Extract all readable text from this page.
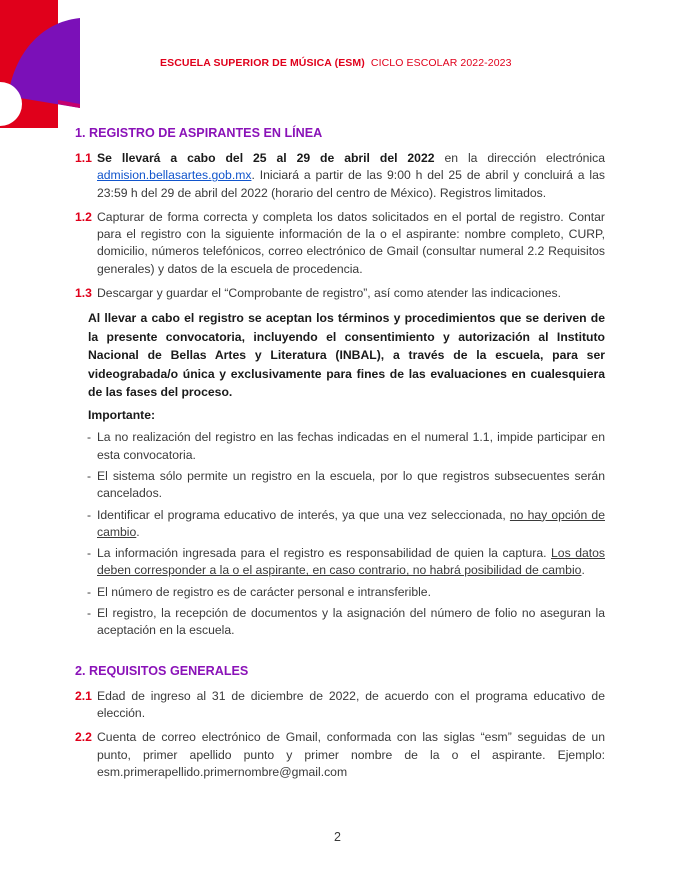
ESCUELA SUPERIOR DE MÚSICA (ESM) CICLO ESCOLAR 2022-2023
1. REGISTRO DE ASPIRANTES EN LÍNEA
1.1 Se llevará a cabo del 25 al 29 de abril del 2022 en la dirección electrónica admision.bellasartes.gob.mx. Iniciará a partir de las 9:00 h del 25 de abril y concluirá a las 23:59 h del 29 de abril del 2022 (horario del centro de México). Registros limitados.
1.2 Capturar de forma correcta y completa los datos solicitados en el portal de registro. Contar para el registro con la siguiente información de la o el aspirante: nombre completo, CURP, domicilio, números telefónicos, correo electrónico de Gmail (consultar numeral 2.2 Requisitos generales) y datos de la escuela de procedencia.
1.3 Descargar y guardar el “Comprobante de registro”, así como atender las indicaciones.
Al llevar a cabo el registro se aceptan los términos y procedimientos que se deriven de la presente convocatoria, incluyendo el consentimiento y autorización al Instituto Nacional de Bellas Artes y Literatura (INBAL), a través de la escuela, para ser videograbada/o única y exclusivamente para fines de las evaluaciones en cualesquiera de las fases del proceso.
Importante:
- La no realización del registro en las fechas indicadas en el numeral 1.1, impide participar en esta convocatoria.
- El sistema sólo permite un registro en la escuela, por lo que registros subsecuentes serán cancelados.
- Identificar el programa educativo de interés, ya que una vez seleccionada, no hay opción de cambio.
- La información ingresada para el registro es responsabilidad de quien la captura. Los datos deben corresponder a la o el aspirante, en caso contrario, no habrá posibilidad de cambio.
- El número de registro es de carácter personal e intransferible.
- El registro, la recepción de documentos y la asignación del número de folio no aseguran la aceptación en la escuela.
2. REQUISITOS GENERALES
2.1 Edad de ingreso al 31 de diciembre de 2022, de acuerdo con el programa educativo de elección.
2.2 Cuenta de correo electrónico de Gmail, conformada con las siglas “esm” seguidas de un punto, primer apellido punto y primer nombre de la o el aspirante. Ejemplo: esm.primerapellido.primernombre@gmail.com
2
